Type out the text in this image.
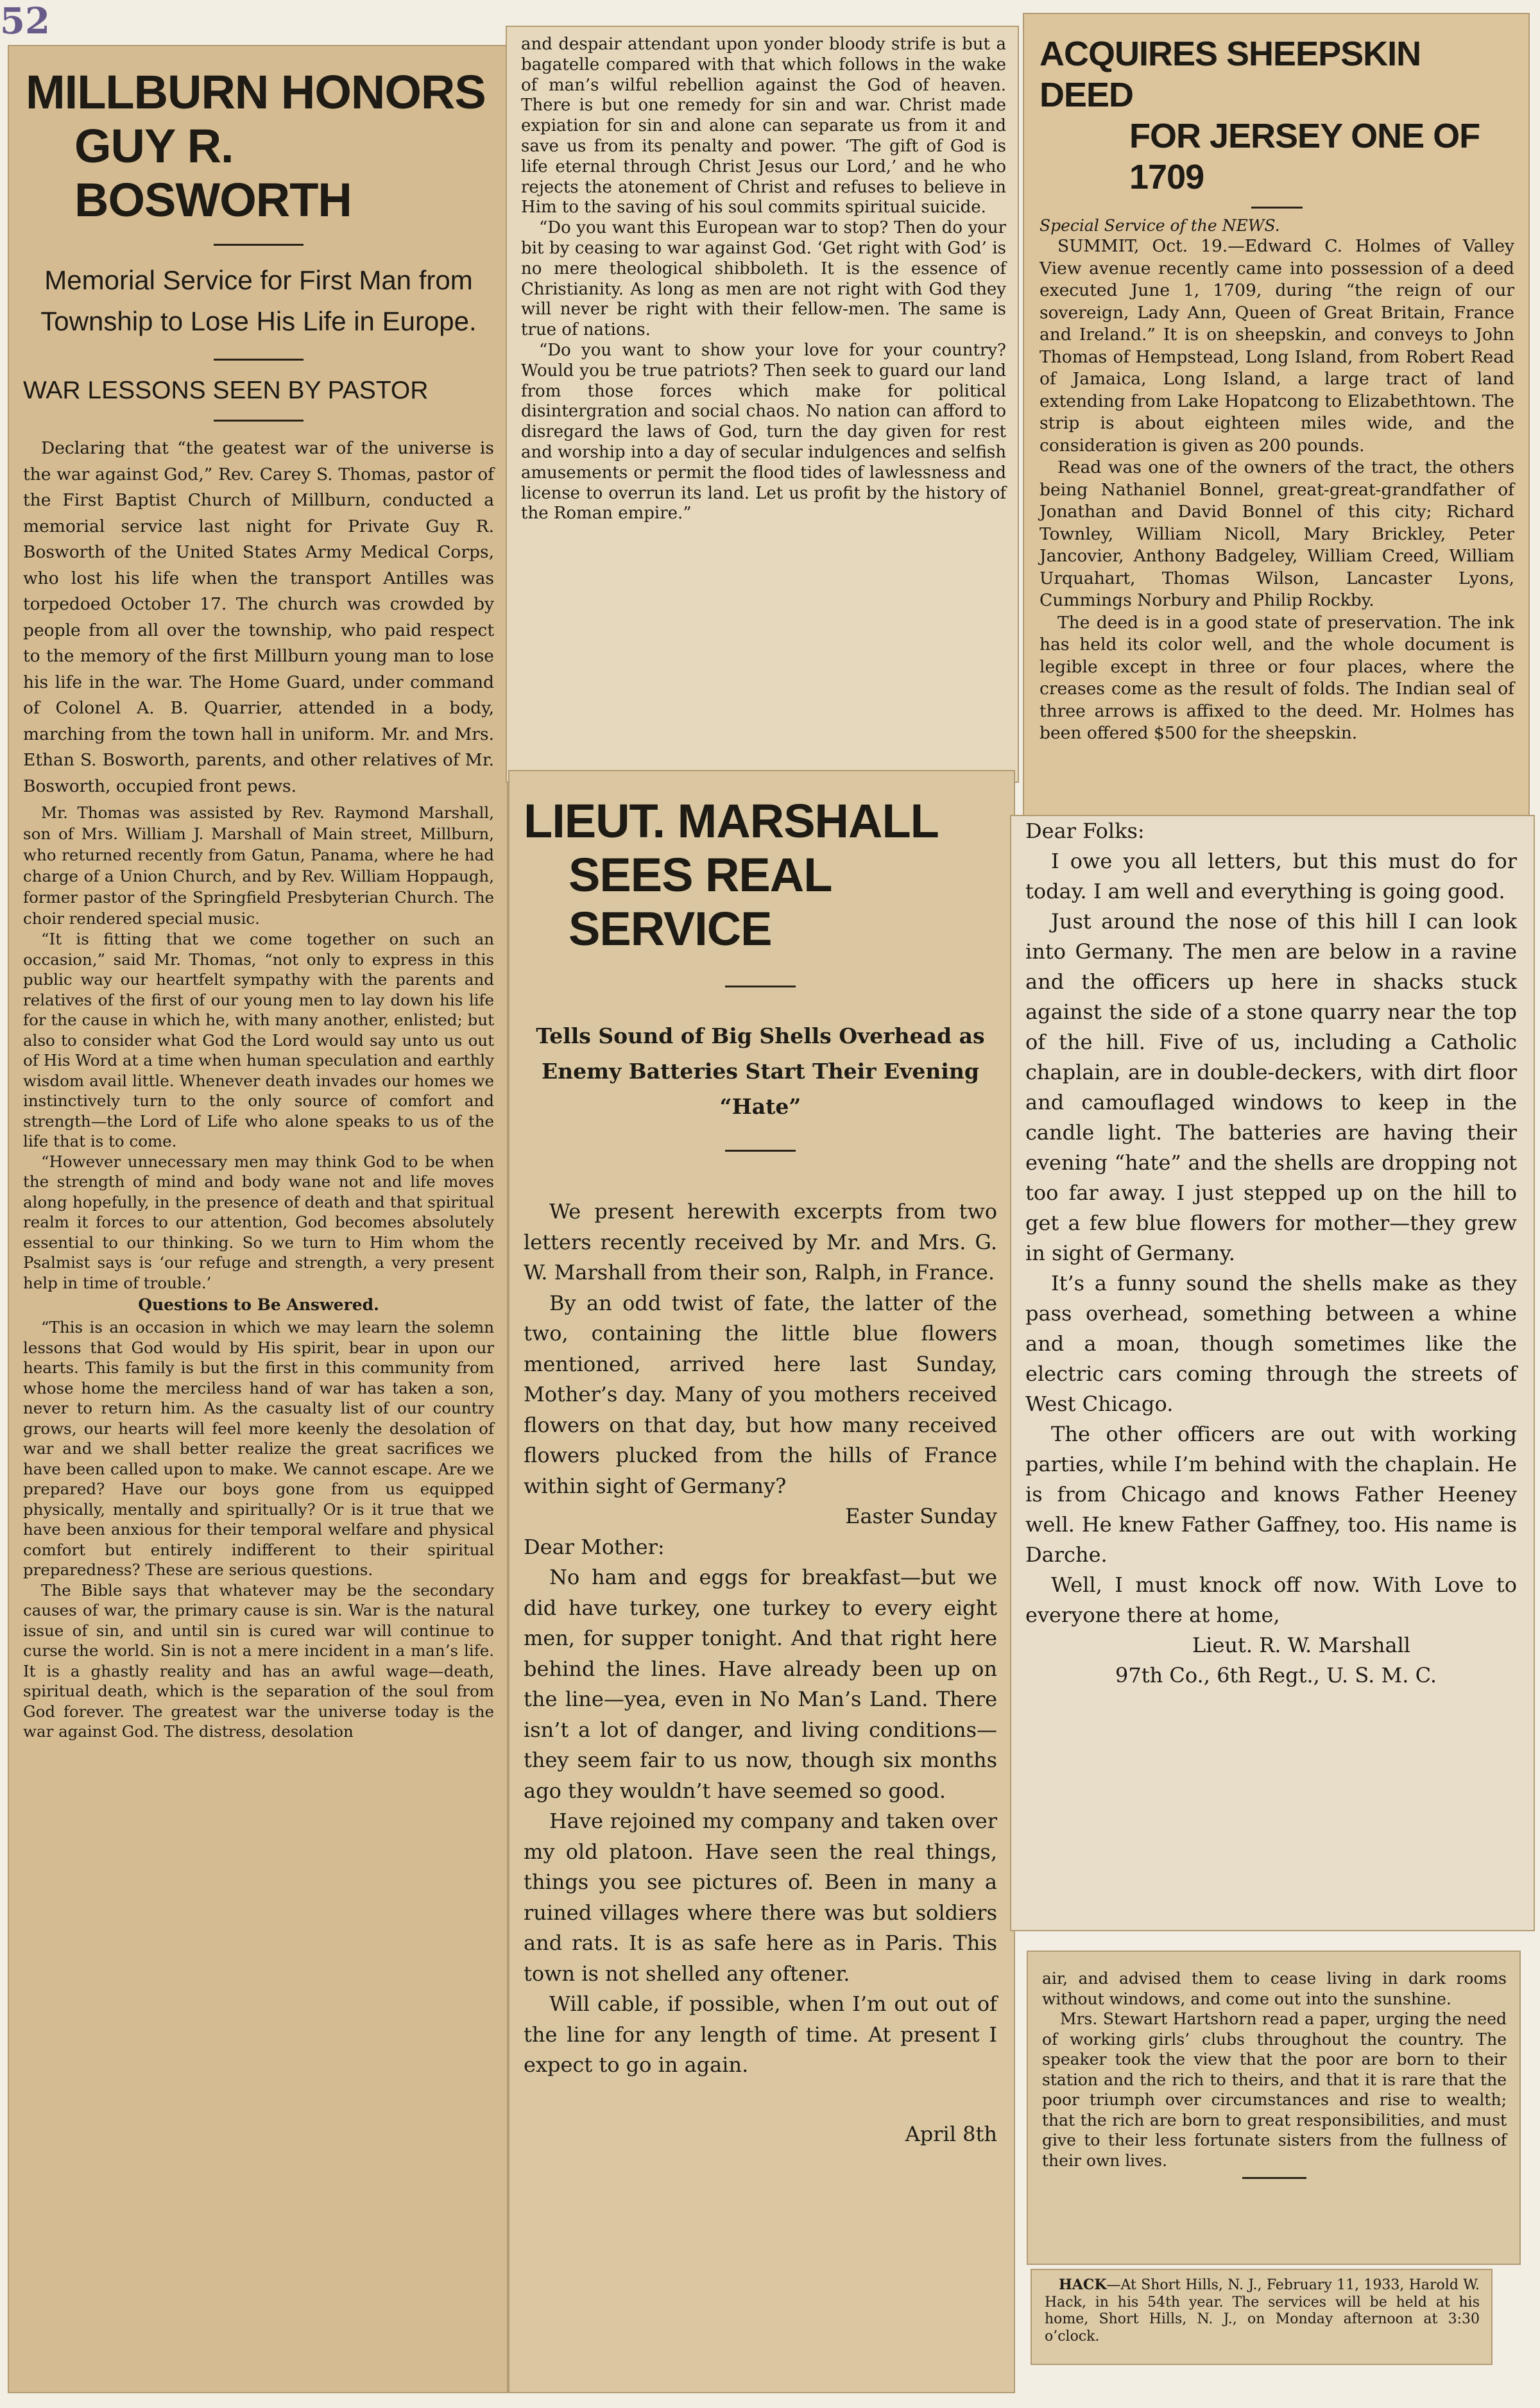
52
MILLBURN HONORS
GUY R. BOSWORTH
Memorial Service for First Man from Township to Lose His Life in Europe.
WAR LESSONS SEEN BY PASTOR

Declaring that “the geatest war of the universe is the war against God,” Rev. Carey S. Thomas, pastor of the First Baptist Church of Millburn, conducted a memorial service last night for Private Guy R. Bosworth of the United States Army Medical Corps, who lost his life when the transport Antilles was torpedoed October 17. The church was crowded by people from all over the township, who paid respect to the memory of the first Millburn young man to lose his life in the war. The Home Guard, under command of Colonel A. B. Quarrier, attended in a body, marching from the town hall in uniform. Mr. and Mrs. Ethan S. Bosworth, parents, and other relatives of Mr. Bosworth, occupied front pews.

Mr. Thomas was assisted by Rev. Raymond Marshall, son of Mrs. William J. Marshall of Main street, Millburn, who returned recently from Gatun, Panama, where he had charge of a Union Church, and by Rev. William Hoppaugh, former pastor of the Springfield Presbyterian Church. The choir rendered special music.

“It is fitting that we come together on such an occasion,” said Mr. Thomas, “not only to express in this public way our heartfelt sympathy with the parents and relatives of the first of our young men to lay down his life for the cause in which he, with many another, enlisted; but also to consider what God the Lord would say unto us out of His Word at a time when human speculation and earthly wisdom avail little. Whenever death invades our homes we instinctively turn to the only source of comfort and strength—the Lord of Life who alone speaks to us of the life that is to come.

“However unnecessary men may think God to be when the strength of mind and body wane not and life moves along hopefully, in the presence of death and that spiritual realm it forces to our attention, God becomes absolutely essential to our thinking. So we turn to Him whom the Psalmist says is ‘our refuge and strength, a very present help in time of trouble.’

Questions to Be Answered.

“This is an occasion in which we may learn the solemn lessons that God would by His spirit, bear in upon our hearts. This family is but the first in this community from whose home the merciless hand of war has taken a son, never to return him. As the casualty list of our country grows, our hearts will feel more keenly the desolation of war and we shall better realize the great sacrifices we have been called upon to make. We cannot escape. Are we prepared? Have our boys gone from us equipped physically, mentally and spiritually? Or is it true that we have been anxious for their temporal welfare and physical comfort but entirely indifferent to their spiritual preparedness? These are serious questions.

The Bible says that whatever may be the secondary causes of war, the primary cause is sin. War is the natural issue of sin, and until sin is cured war will continue to curse the world. Sin is not a mere incident in a man’s life. It is a ghastly reality and has an awful wage—death, spiritual death, which is the separation of the soul from God forever. The greatest war the universe today is the war against God. The distress, desolation

and despair attendant upon yonder bloody strife is but a bagatelle compared with that which follows in the wake of man’s wilful rebellion against the God of heaven. There is but one remedy for sin and war. Christ made expiation for sin and alone can separate us from it and save us from its penalty and power. ‘The gift of God is life eternal through Christ Jesus our Lord,’ and he who rejects the atonement of Christ and refuses to believe in Him to the saving of his soul commits spiritual suicide.

“Do you want this European war to stop? Then do your bit by ceasing to war against God. ‘Get right with God’ is no mere theological shibboleth. It is the essence of Christianity. As long as men are not right with God they will never be right with their fellow-men. The same is true of nations.

“Do you want to show your love for your country? Would you be true patriots? Then seek to guard our land from those forces which make for political disintergration and social chaos. No nation can afford to disregard the laws of God, turn the day given for rest and worship into a day of secular indulgences and selfish amusements or permit the flood tides of lawlessness and license to overrun its land. Let us profit by the history of the Roman empire.”

LIEUT. MARSHALL
SEES REAL SERVICE
Tells Sound of Big Shells Overhead as Enemy Batteries Start Their Evening “Hate”

We present herewith excerpts from two letters recently received by Mr. and Mrs. G. W. Marshall from their son, Ralph, in France.

By an odd twist of fate, the latter of the two, containing the little blue flowers mentioned, arrived here last Sunday, Mother’s day. Many of you mothers received flowers on that day, but how many received flowers plucked from the hills of France within sight of Germany?

Easter Sunday
Dear Mother:

No ham and eggs for breakfast—but we did have turkey, one turkey to every eight men, for supper tonight. And that right here behind the lines. Have already been up on the line—yea, even in No Man’s Land. There isn’t a lot of danger, and living conditions—they seem fair to us now, though six months ago they wouldn’t have seemed so good.

Have rejoined my company and taken over my old platoon. Have seen the real things, things you see pictures of. Been in many a ruined villages where there was but soldiers and rats. It is as safe here as in Paris. This town is not shelled any oftener.

Will cable, if possible, when I’m out out of the line for any length of time. At present I expect to go in again.

April 8th
ACQUIRES SHEEPSKIN DEED
FOR JERSEY ONE OF 1709
Special Service of the NEWS.

SUMMIT, Oct. 19.—Edward C. Holmes of Valley View avenue recently came into possession of a deed executed June 1, 1709, during “the reign of our sovereign, Lady Ann, Queen of Great Britain, France and Ireland.” It is on sheepskin, and conveys to John Thomas of Hempstead, Long Island, from Robert Read of Jamaica, Long Island, a large tract of land extending from Lake Hopatcong to Elizabethtown. The strip is about eighteen miles wide, and the consideration is given as 200 pounds.

Read was one of the owners of the tract, the others being Nathaniel Bonnel, great-great-grandfather of Jonathan and David Bonnel of this city; Richard Townley, William Nicoll, Mary Brickley, Peter Jancovier, Anthony Badgeley, William Creed, William Urquahart, Thomas Wilson, Lancaster Lyons, Cummings Norbury and Philip Rockby.

The deed is in a good state of preservation. The ink has held its color well, and the whole document is legible except in three or four places, where the creases come as the result of folds. The Indian seal of three arrows is affixed to the deed. Mr. Holmes has been offered $500 for the sheepskin.

Dear Folks:

I owe you all letters, but this must do for today. I am well and everything is going good.

Just around the nose of this hill I can look into Germany. The men are below in a ravine and the officers up here in shacks stuck against the side of a stone quarry near the top of the hill. Five of us, including a Catholic chaplain, are in double-deckers, with dirt floor and camouflaged windows to keep in the candle light. The batteries are having their evening “hate” and the shells are dropping not too far away. I just stepped up on the hill to get a few blue flowers for mother—they grew in sight of Germany.

It’s a funny sound the shells make as they pass overhead, something between a whine and a moan, though sometimes like the electric cars coming through the streets of West Chicago.

The other officers are out with working parties, while I’m behind with the chaplain. He is from Chicago and knows Father Heeney well. He knew Father Gaffney, too. His name is Darche.

Well, I must knock off now. With Love to everyone there at home,

Lieut. R. W. Marshall
97th Co., 6th Regt., U. S. M. C.

air, and advised them to cease living in dark rooms without windows, and come out into the sunshine.

Mrs. Stewart Hartshorn read a paper, urging the need of working girls’ clubs throughout the country. The speaker took the view that the poor are born to their station and the rich to theirs, and that it is rare that the poor triumph over circumstances and rise to wealth; that the rich are born to great responsibilities, and must give to their less fortunate sisters from the fullness of their own lives.

HACK—At Short Hills, N. J., February 11, 1933, Harold W. Hack, in his 54th year. The services will be held at his home, Short Hills, N. J., on Monday afternoon at 3:30 o’clock.
